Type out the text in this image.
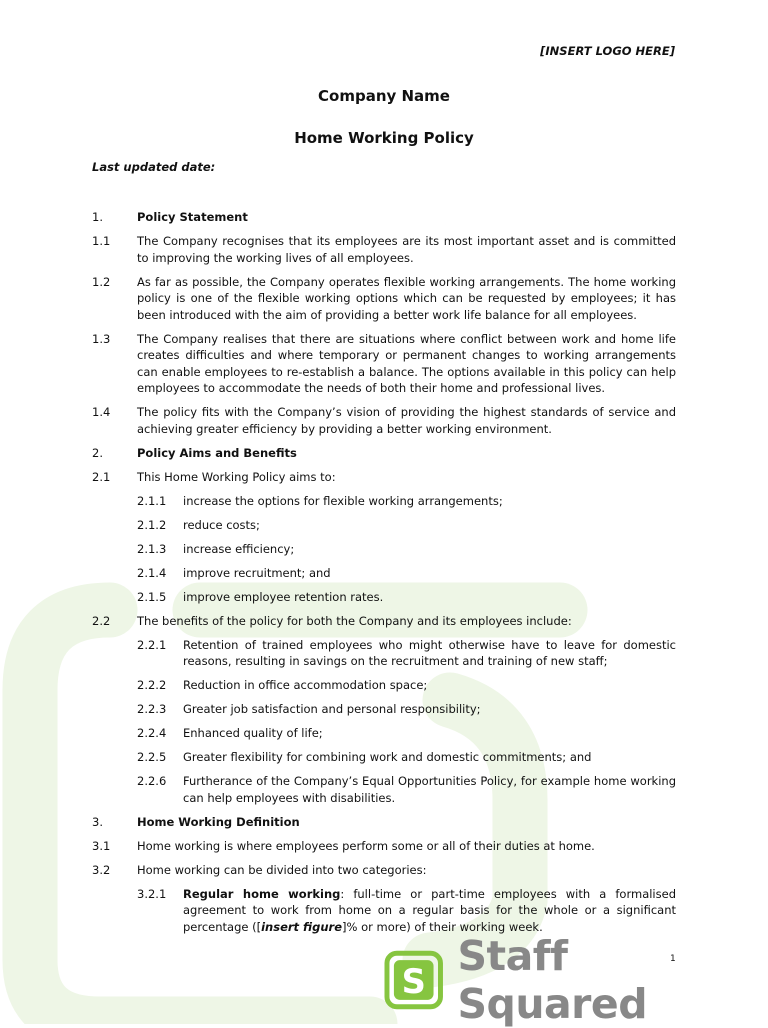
[INSERT LOGO HERE]
Company Name
Home Working Policy
Last updated date:
1.	Policy Statement
1.1	The Company recognises that its employees are its most important asset and is committed to improving the working lives of all employees.
1.2	As far as possible, the Company operates flexible working arrangements. The home working policy is one of the flexible working options which can be requested by employees; it has been introduced with the aim of providing a better work life balance for all employees.
1.3	The Company realises that there are situations where conflict between work and home life creates difficulties and where temporary or permanent changes to working arrangements can enable employees to re-establish a balance. The options available in this policy can help employees to accommodate the needs of both their home and professional lives.
1.4	The policy fits with the Company’s vision of providing the highest standards of service and achieving greater efficiency by providing a better working environment.
2.	Policy Aims and Benefits
2.1	This Home Working Policy aims to:
2.1.1	increase the options for flexible working arrangements;
2.1.2	reduce costs;
2.1.3	increase efficiency;
2.1.4	improve recruitment; and
2.1.5	improve employee retention rates.
2.2	The benefits of the policy for both the Company and its employees include:
2.2.1	Retention of trained employees who might otherwise have to leave for domestic reasons, resulting in savings on the recruitment and training of new staff;
2.2.2	Reduction in office accommodation space;
2.2.3	Greater job satisfaction and personal responsibility;
2.2.4	Enhanced quality of life;
2.2.5	Greater flexibility for combining work and domestic commitments; and
2.2.6	Furtherance of the Company’s Equal Opportunities Policy, for example home working can help employees with disabilities.
3.	Home Working Definition
3.1	Home working is where employees perform some or all of their duties at home.
3.2	Home working can be divided into two categories:
3.2.1	Regular home working: full-time or part-time employees with a formalised agreement to work from home on a regular basis for the whole or a significant percentage ([insert figure]% or more) of their working week.
1
S
Staff Squared
